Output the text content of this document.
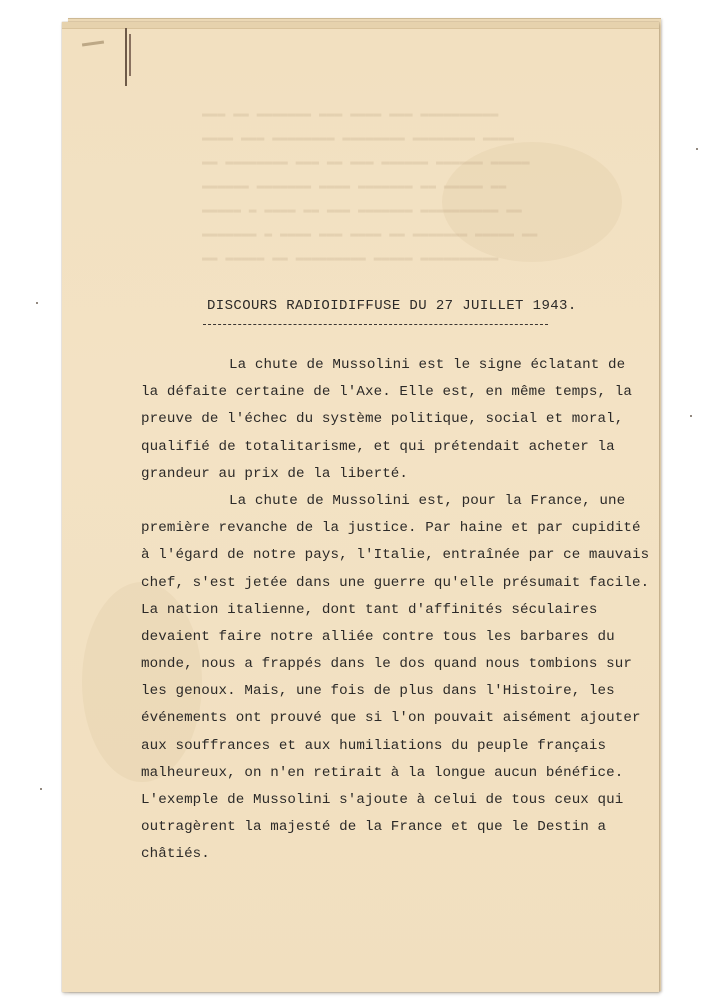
▬▬▬ ▬▬ ▬▬▬▬▬▬▬ ▬▬▬ ▬▬▬▬ ▬▬▬ ▬▬▬▬▬▬▬▬▬▬
▬▬▬▬ ▬▬▬ ▬▬▬▬▬▬▬▬ ▬▬▬▬▬▬▬▬ ▬▬▬▬▬▬▬▬ ▬▬▬▬
▬▬ ▬▬▬▬▬▬▬▬ ▬▬▬ ▬▬ ▬▬▬ ▬▬▬▬▬▬ ▬▬▬▬▬▬ ▬▬▬▬▬
▬▬▬▬▬▬ ▬▬▬▬▬▬▬ ▬▬▬▬ ▬▬▬▬▬▬▬ ▬▬ ▬▬▬▬▬ ▬▬
▬▬▬▬▬ ▬ ▬▬▬▬ ▬▬ ▬▬▬ ▬▬▬▬▬▬▬ ▬▬▬▬▬▬▬▬▬▬ ▬▬
▬▬▬▬▬▬▬ ▬ ▬▬▬▬ ▬▬▬ ▬▬▬▬ ▬▬ ▬▬▬▬▬▬▬ ▬▬▬▬▬ ▬▬
▬▬ ▬▬▬▬▬ ▬▬ ▬▬▬▬▬▬▬▬▬ ▬▬▬▬▬ ▬▬▬▬▬▬▬▬▬▬
DISCOURS RADIOIDIFFUSE DU 27 JUILLET 1943.
La chute de Mussolini est le signe éclatant de
la défaite certaine de l'Axe. Elle est, en même temps, la
preuve de l'échec du système politique, social et moral,
qualifié de totalitarisme, et qui prétendait acheter la
grandeur au prix de la liberté.
La chute de Mussolini est, pour la France, une
première revanche de la justice. Par haine et par cupidité
à l'égard de notre pays, l'Italie, entraînée par ce mauvais
chef, s'est jetée dans une guerre qu'elle présumait facile.
La nation italienne, dont tant d'affinités séculaires
devaient faire notre alliée contre tous les barbares du
monde, nous a frappés dans le dos quand nous tombions sur
les genoux. Mais, une fois de plus dans l'Histoire, les
événements ont prouvé que si l'on pouvait aisément ajouter
aux souffrances et aux humiliations du peuple français
malheureux, on n'en retirait à la longue aucun bénéfice.
L'exemple de Mussolini s'ajoute à celui de tous ceux qui
outragèrent la majesté de la France et que le Destin a
châtiés.
